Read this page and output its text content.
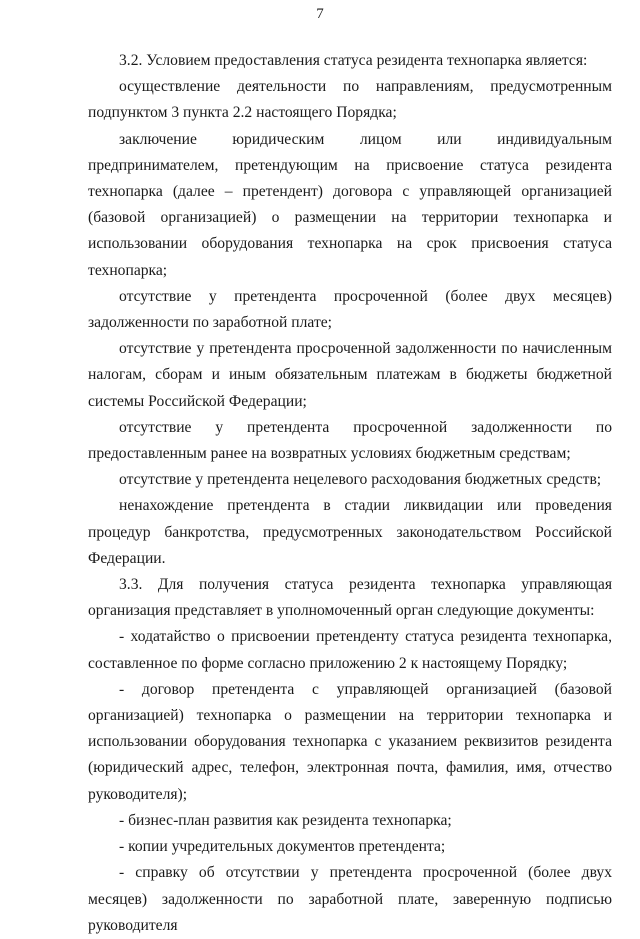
7

3.2. Условием предоставления статуса резидента технопарка является:

осуществление деятельности по направлениям, предусмотренным подпунктом 3 пункта 2.2 настоящего Порядка;

заключение юридическим лицом или индивидуальным предпринимателем, претендующим на присвоение статуса резидента технопарка (далее – претендент) договора с управляющей организацией (базовой организацией) о размещении на территории технопарка и использовании оборудования технопарка на срок присвоения статуса технопарка;

отсутствие у претендента просроченной (более двух месяцев) задолженности по заработной плате;

отсутствие у претендента просроченной задолженности по начисленным налогам, сборам и иным обязательным платежам в бюджеты бюджетной системы Российской Федерации;

отсутствие у претендента просроченной задолженности по предоставленным ранее на возвратных условиях бюджетным средствам;

отсутствие у претендента нецелевого расходования бюджетных средств;

ненахождение претендента в стадии ликвидации или проведения процедур банкротства, предусмотренных законодательством Российской Федерации.

3.3. Для получения статуса резидента технопарка управляющая организация представляет в уполномоченный орган следующие документы:

- ходатайство о присвоении претенденту статуса резидента технопарка, составленное по форме согласно приложению 2 к настоящему Порядку;

- договор претендента с управляющей организацией (базовой организацией) технопарка о размещении на территории технопарка и использовании оборудования технопарка с указанием реквизитов резидента (юридический адрес, телефон, электронная почта, фамилия, имя, отчество руководителя);

- бизнес-план развития как резидента технопарка;

- копии учредительных документов претендента;

- справку об отсутствии у претендента просроченной (более двух месяцев) задолженности по заработной плате, заверенную подписью руководителя
